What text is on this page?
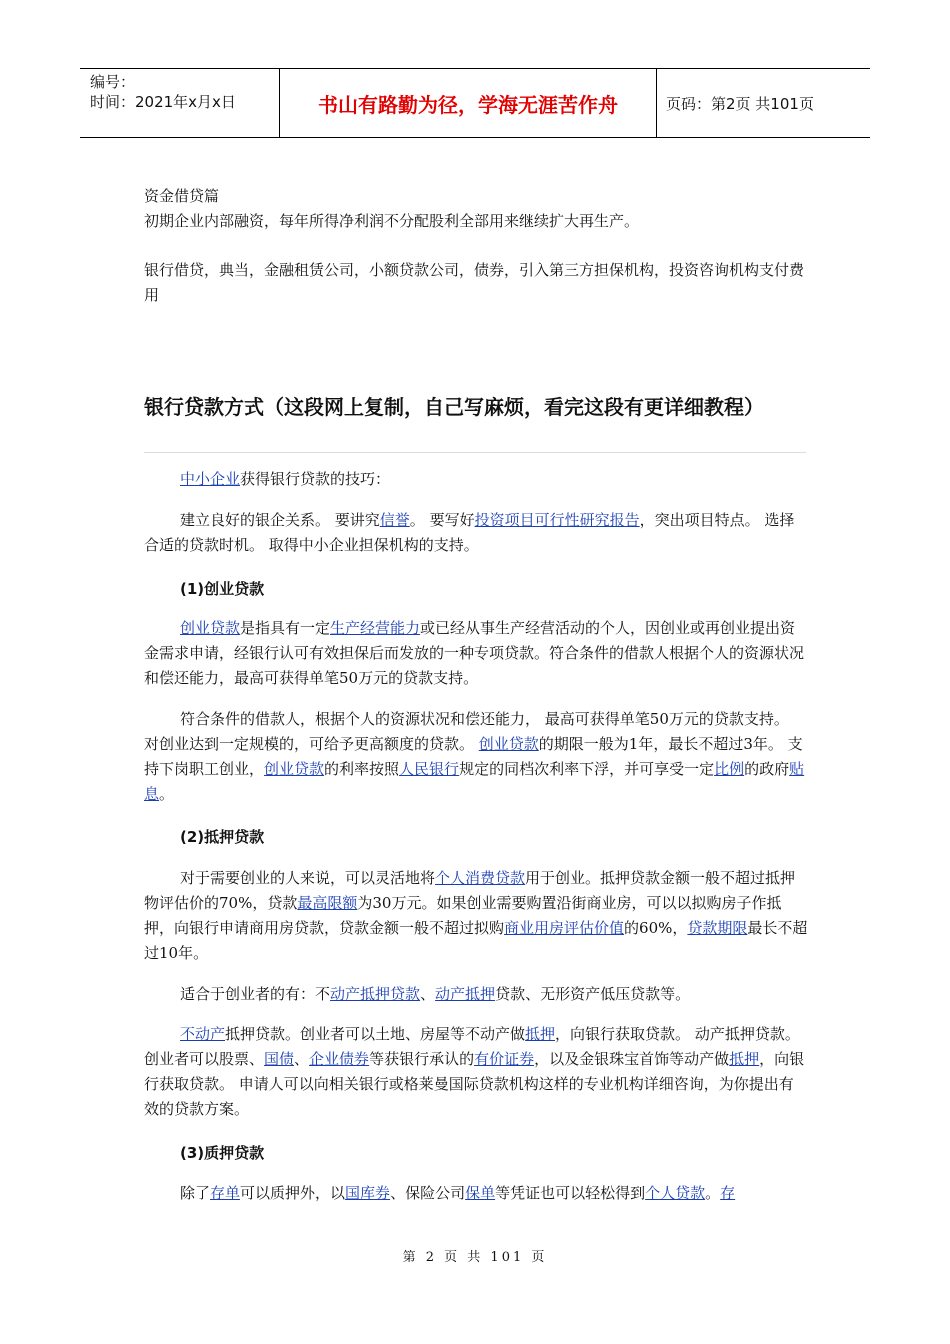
编号：
时间：2021年x月x日	书山有路勤为径，学海无涯苦作舟	页码：第2页 共101页
资金借贷篇
初期企业内部融资，每年所得净利润不分配股利全部用来继续扩大再生产。
银行借贷，典当，金融租赁公司，小额贷款公司，债券，引入第三方担保机构，投资咨询机构支付费用
银行贷款方式（这段网上复制，自己写麻烦，看完这段有更详细教程）
中小企业获得银行贷款的技巧：
建立良好的银企关系。 要讲究信誉。 要写好投资项目可行性研究报告，突出项目特点。 选择合适的贷款时机。 取得中小企业担保机构的支持。
(1)创业贷款
创业贷款是指具有一定生产经营能力或已经从事生产经营活动的个人，因创业或再创业提出资金需求申请，经银行认可有效担保后而发放的一种专项贷款。符合条件的借款人根据个人的资源状况和偿还能力，最高可获得单笔50万元的贷款支持。
符合条件的借款人，根据个人的资源状况和偿还能力， 最高可获得单笔50万元的贷款支持。 对创业达到一定规模的，可给予更高额度的贷款。 创业贷款的期限一般为1年，最长不超过3年。 支持下岗职工创业，创业贷款的利率按照人民银行规定的同档次利率下浮，并可享受一定比例的政府贴息。
(2)抵押贷款
对于需要创业的人来说，可以灵活地将个人消费贷款用于创业。抵押贷款金额一般不超过抵押物评估价的70%，贷款最高限额为30万元。如果创业需要购置沿街商业房，可以以拟购房子作抵押，向银行申请商用房贷款，贷款金额一般不超过拟购商业用房评估价值的60%，贷款期限最长不超过10年。
适合于创业者的有：不动产抵押贷款、动产抵押贷款、无形资产低压贷款等。
不动产抵押贷款。创业者可以土地、房屋等不动产做抵押，向银行获取贷款。 动产抵押贷款。创业者可以股票、国债、企业债券等获银行承认的有价证券，以及金银珠宝首饰等动产做抵押，向银行获取贷款。 申请人可以向相关银行或格莱曼国际贷款机构这样的专业机构详细咨询，为你提出有效的贷款方案。
(3)质押贷款
除了存单可以质押外，以国库券、保险公司保单等凭证也可以轻松得到个人贷款。存
第 2 页 共 101 页
